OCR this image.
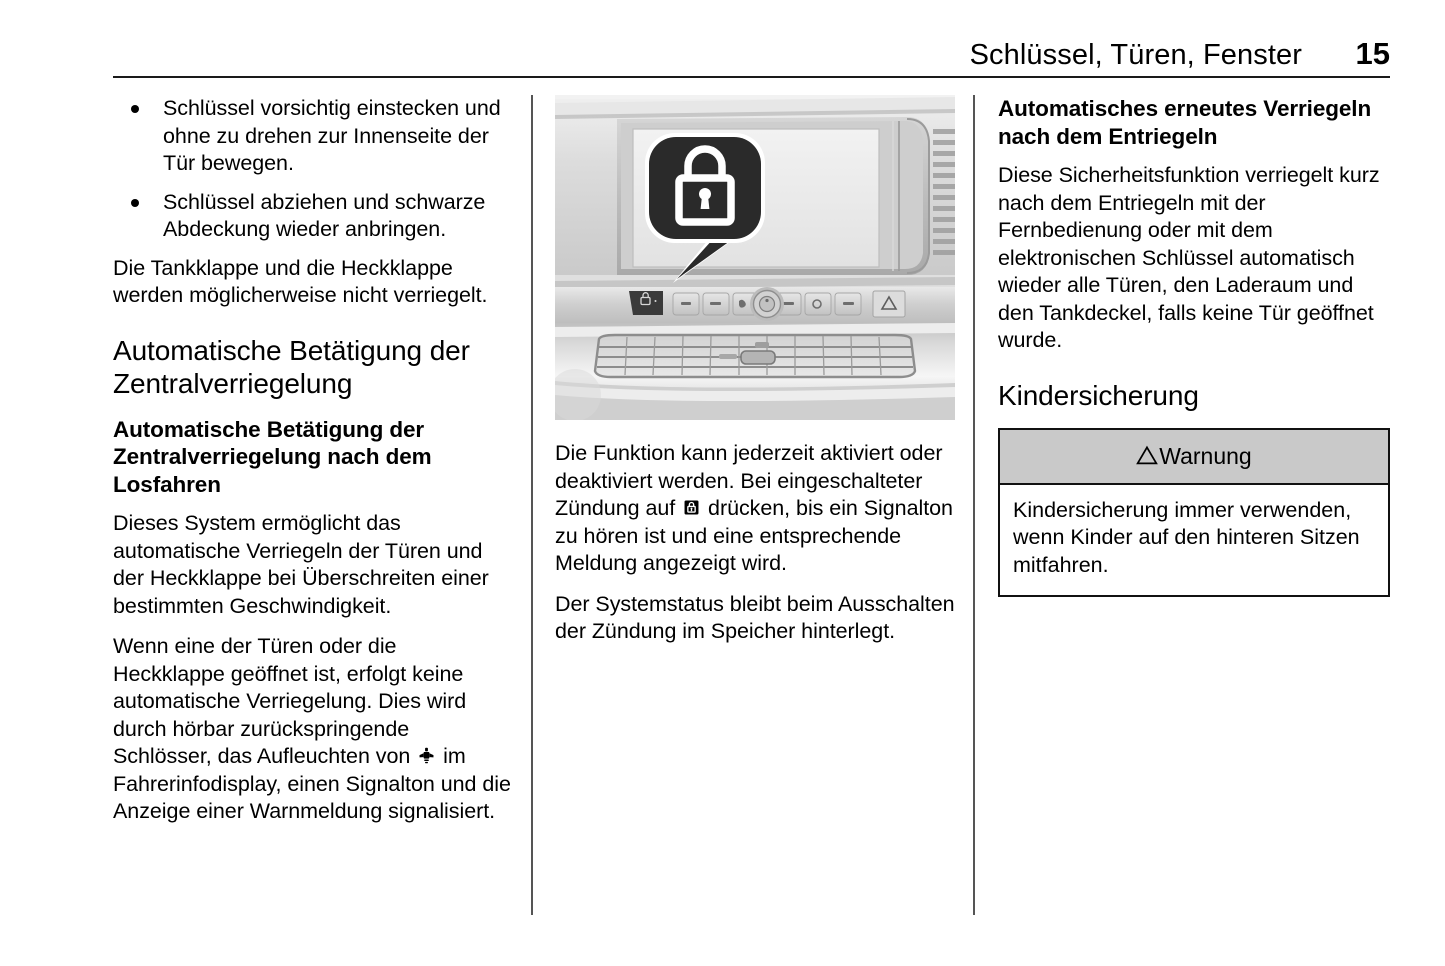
Schlüssel, Türen, Fenster 15
Schlüssel vorsichtig einstecken und ohne zu drehen zur Innenseite der Tür bewegen.
Schlüssel abziehen und schwarze Abdeckung wieder anbringen.

Die Tankklappe und die Heckklappe werden möglicherweise nicht verriegelt.

Automatische Betätigung der Zentralverriegelung
Automatische Betätigung der Zentralverriegelung nach dem Losfahren

Dieses System ermöglicht das automatische Verriegeln der Türen und der Heckklappe bei Überschreiten einer bestimmten Geschwindigkeit.

Wenn eine der Türen oder die Heckklappe geöffnet ist, erfolgt keine automatische Verriegelung. Dies wird durch hörbar zurückspringende Schlösser, das Aufleuchten von
im Fahrerinfodisplay, einen Signalton und die Anzeige einer Warnmeldung signalisiert.

Die Funktion kann jederzeit aktiviert oder deaktiviert werden. Bei eingeschalteter Zündung auf
drücken, bis ein Signalton zu hören ist und eine entsprechende Meldung angezeigt wird.

Der Systemstatus bleibt beim Ausschalten der Zündung im Speicher hinterlegt.

Automatisches erneutes Verriegeln nach dem Entriegeln

Diese Sicherheitsfunktion verriegelt kurz nach dem Entriegeln mit der Fernbedienung oder mit dem elektronischen Schlüssel automatisch wieder alle Türen, den Laderaum und den Tankdeckel, falls keine Tür geöffnet wurde.

Kindersicherung
Warnung

Kindersicherung immer verwenden, wenn Kinder auf den hinteren Sitzen mitfahren.
